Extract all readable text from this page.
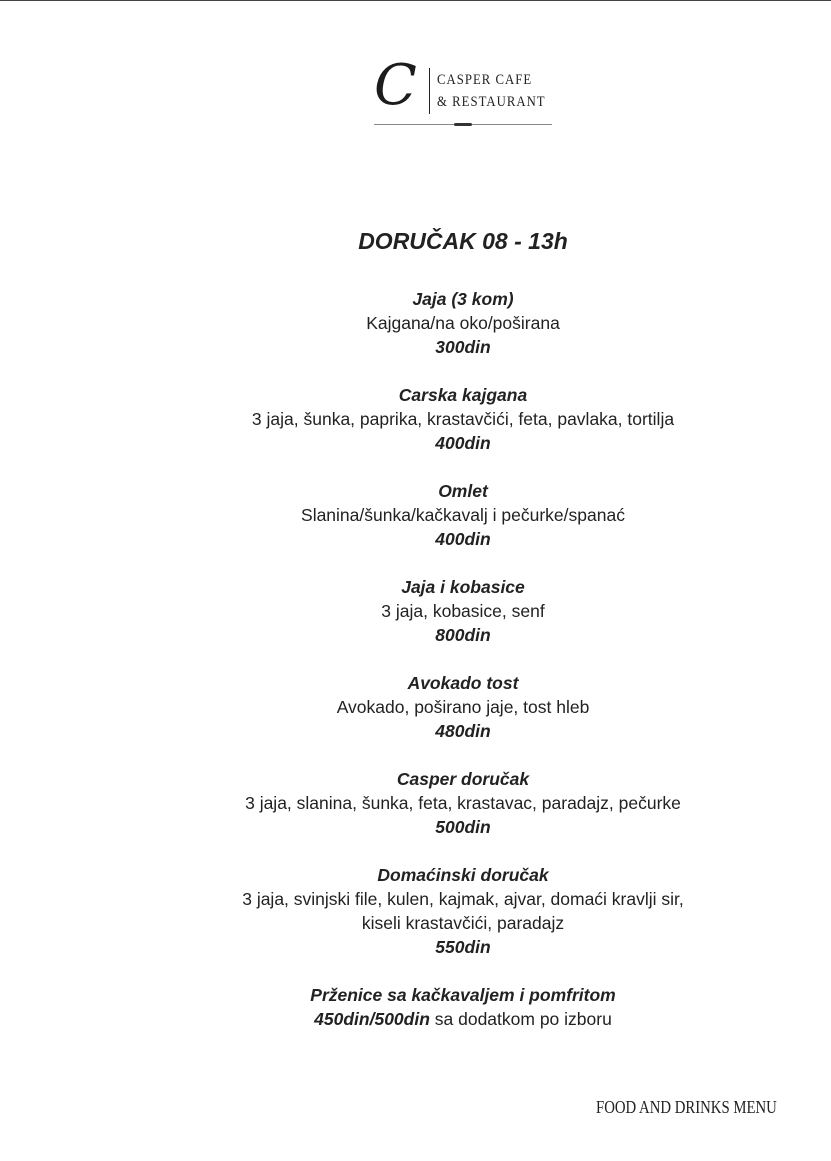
C CASPER CAFE
& RESTAURANT
DORUČAK 08 - 13h
Jaja (3 kom)
Kajgana/na oko/poširana
300din
Carska kajgana
3 jaja, šunka, paprika, krastavčići, feta, pavlaka, tortilja
400din
Omlet
Slanina/šunka/kačkavalj i pečurke/spanać
400din
Jaja i kobasice
3 jaja, kobasice, senf
800din
Avokado tost
Avokado, poširano jaje, tost hleb
480din
Casper doručak
3 jaja, slanina, šunka, feta, krastavac, paradajz, pečurke
500din
Domaćinski doručak
3 jaja, svinjski file, kulen, kajmak, ajvar, domaći kravlji sir,
kiseli krastavčići, paradajz
550din
Prženice sa kačkavaljem i pomfritom
450din/500din sa dodatkom po izboru
FOOD AND DRINKS MENU
